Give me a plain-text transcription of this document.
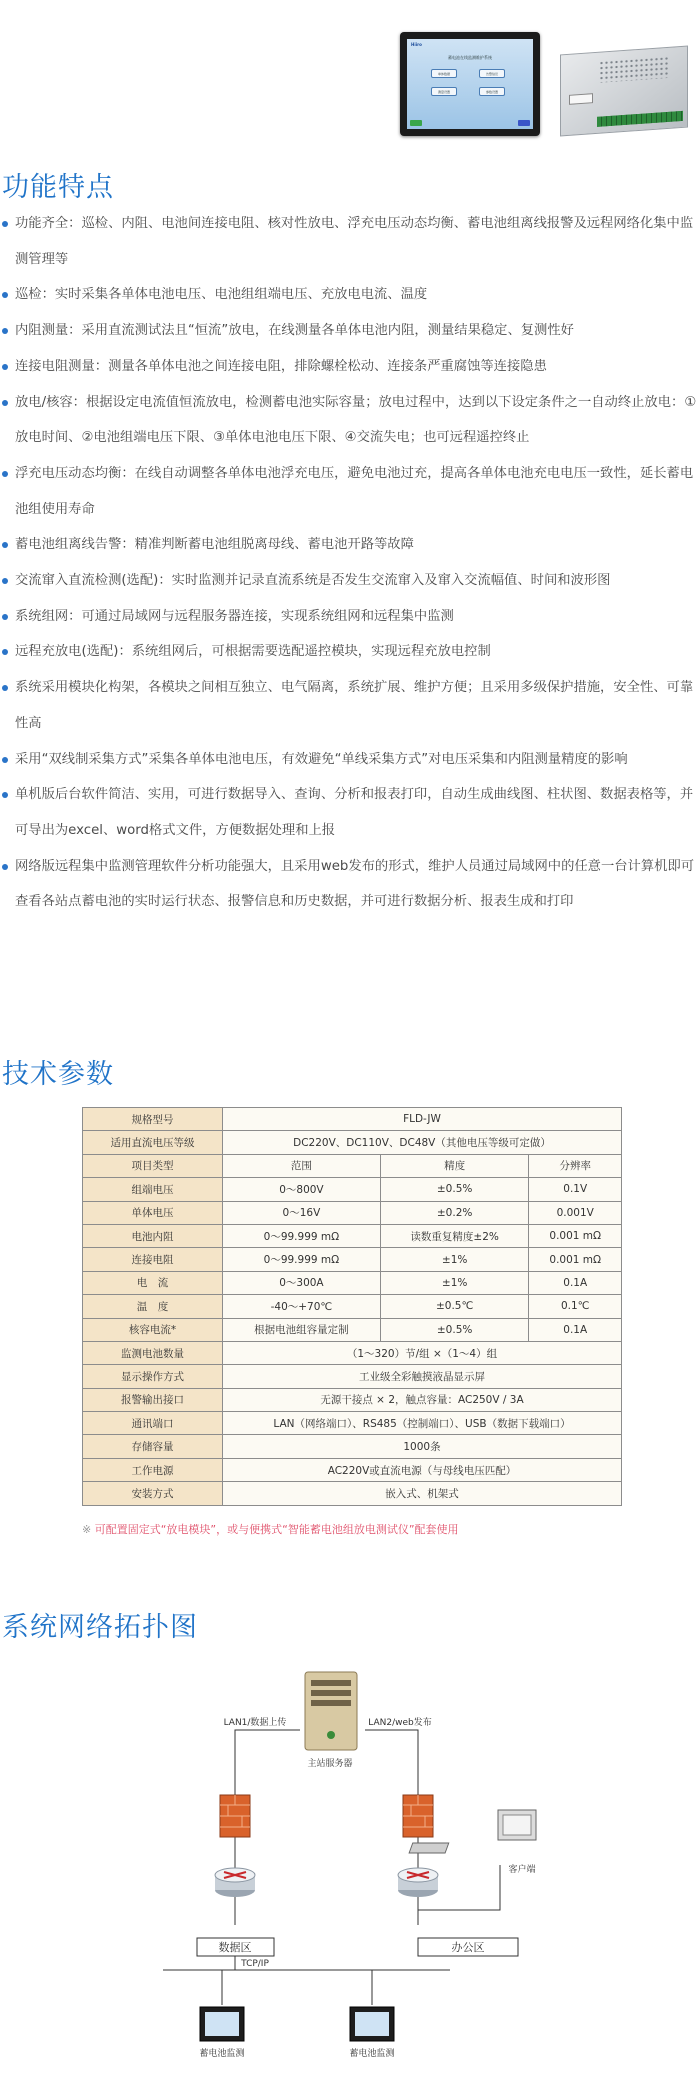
Hiiro
蓄电池在线监测维护系统
单体数据	告警信息
测量设置	参数设置
功能特点
功能齐全：巡检、内阻、电池间连接电阻、核对性放电、浮充电压动态均衡、蓄电池组离线报警及远程网络化集中监测管理等
巡检：实时采集各单体电池电压、电池组组端电压、充放电电流、温度
内阻测量：采用直流测试法且“恒流”放电，在线测量各单体电池内阻，测量结果稳定、复测性好
连接电阻测量：测量各单体电池之间连接电阻，排除螺栓松动、连接条严重腐蚀等连接隐患
放电/核容：根据设定电流值恒流放电，检测蓄电池实际容量；放电过程中，达到以下设定条件之一自动终止放电：①放电时间、②电池组端电压下限、③单体电池电压下限、④交流失电；也可远程遥控终止
浮充电压动态均衡：在线自动调整各单体电池浮充电压，避免电池过充，提高各单体电池充电电压一致性，延长蓄电池组使用寿命
蓄电池组离线告警：精准判断蓄电池组脱离母线、蓄电池开路等故障
交流窜入直流检测(选配)：实时监测并记录直流系统是否发生交流窜入及窜入交流幅值、时间和波形图
系统组网：可通过局域网与远程服务器连接，实现系统组网和远程集中监测
远程充放电(选配)：系统组网后，可根据需要选配遥控模块，实现远程充放电控制
系统采用模块化构架，各模块之间相互独立、电气隔离，系统扩展、维护方便；且采用多级保护措施，安全性、可靠性高
采用“双线制采集方式”采集各单体电池电压，有效避免“单线采集方式”对电压采集和内阻测量精度的影响
单机版后台软件简洁、实用，可进行数据导入、查询、分析和报表打印，自动生成曲线图、柱状图、数据表格等，并可导出为excel、word格式文件，方便数据处理和上报
网络版远程集中监测管理软件分析功能强大，且采用web发布的形式，维护人员通过局域网中的任意一台计算机即可查看各站点蓄电池的实时运行状态、报警信息和历史数据，并可进行数据分析、报表生成和打印
技术参数
规格型号	FLD-JW		
适用直流电压等级	DC220V、DC110V、DC48V（其他电压等级可定做）		
项目类型	范围	精度	分辨率
组端电压	0～800V	±0.5%	0.1V
单体电压	0～16V	±0.2%	0.001V
电池内阻	0～99.999 mΩ	读数重复精度±2%	0.001 mΩ
连接电阻	0～99.999 mΩ	±1%	0.001 mΩ
电　流	0～300A	±1%	0.1A
温　度	-40～+70℃	±0.5℃	0.1℃
核容电流*	根据电池组容量定制	±0.5%	0.1A
监测电池数量	（1～320）节/组 ×（1～4）组		
显示操作方式	工业级全彩触摸液晶显示屏		
报警输出接口	无源干接点 × 2，触点容量：AC250V / 3A		
通讯端口	LAN（网络端口）、RS485（控制端口）、USB（数据下载端口）		
存储容量	1000条		
工作电源	AC220V或直流电源（与母线电压匹配）		
安装方式	嵌入式、机架式		
※ 可配置固定式“放电模块”，或与便携式“智能蓄电池组放电测试仪”配套使用
系统网络拓扑图
主站服务器
LAN1/数据上传	LAN2/web发布
客户端
数据区	办公区
TCP/IP
蓄电池监测	蓄电池监测
